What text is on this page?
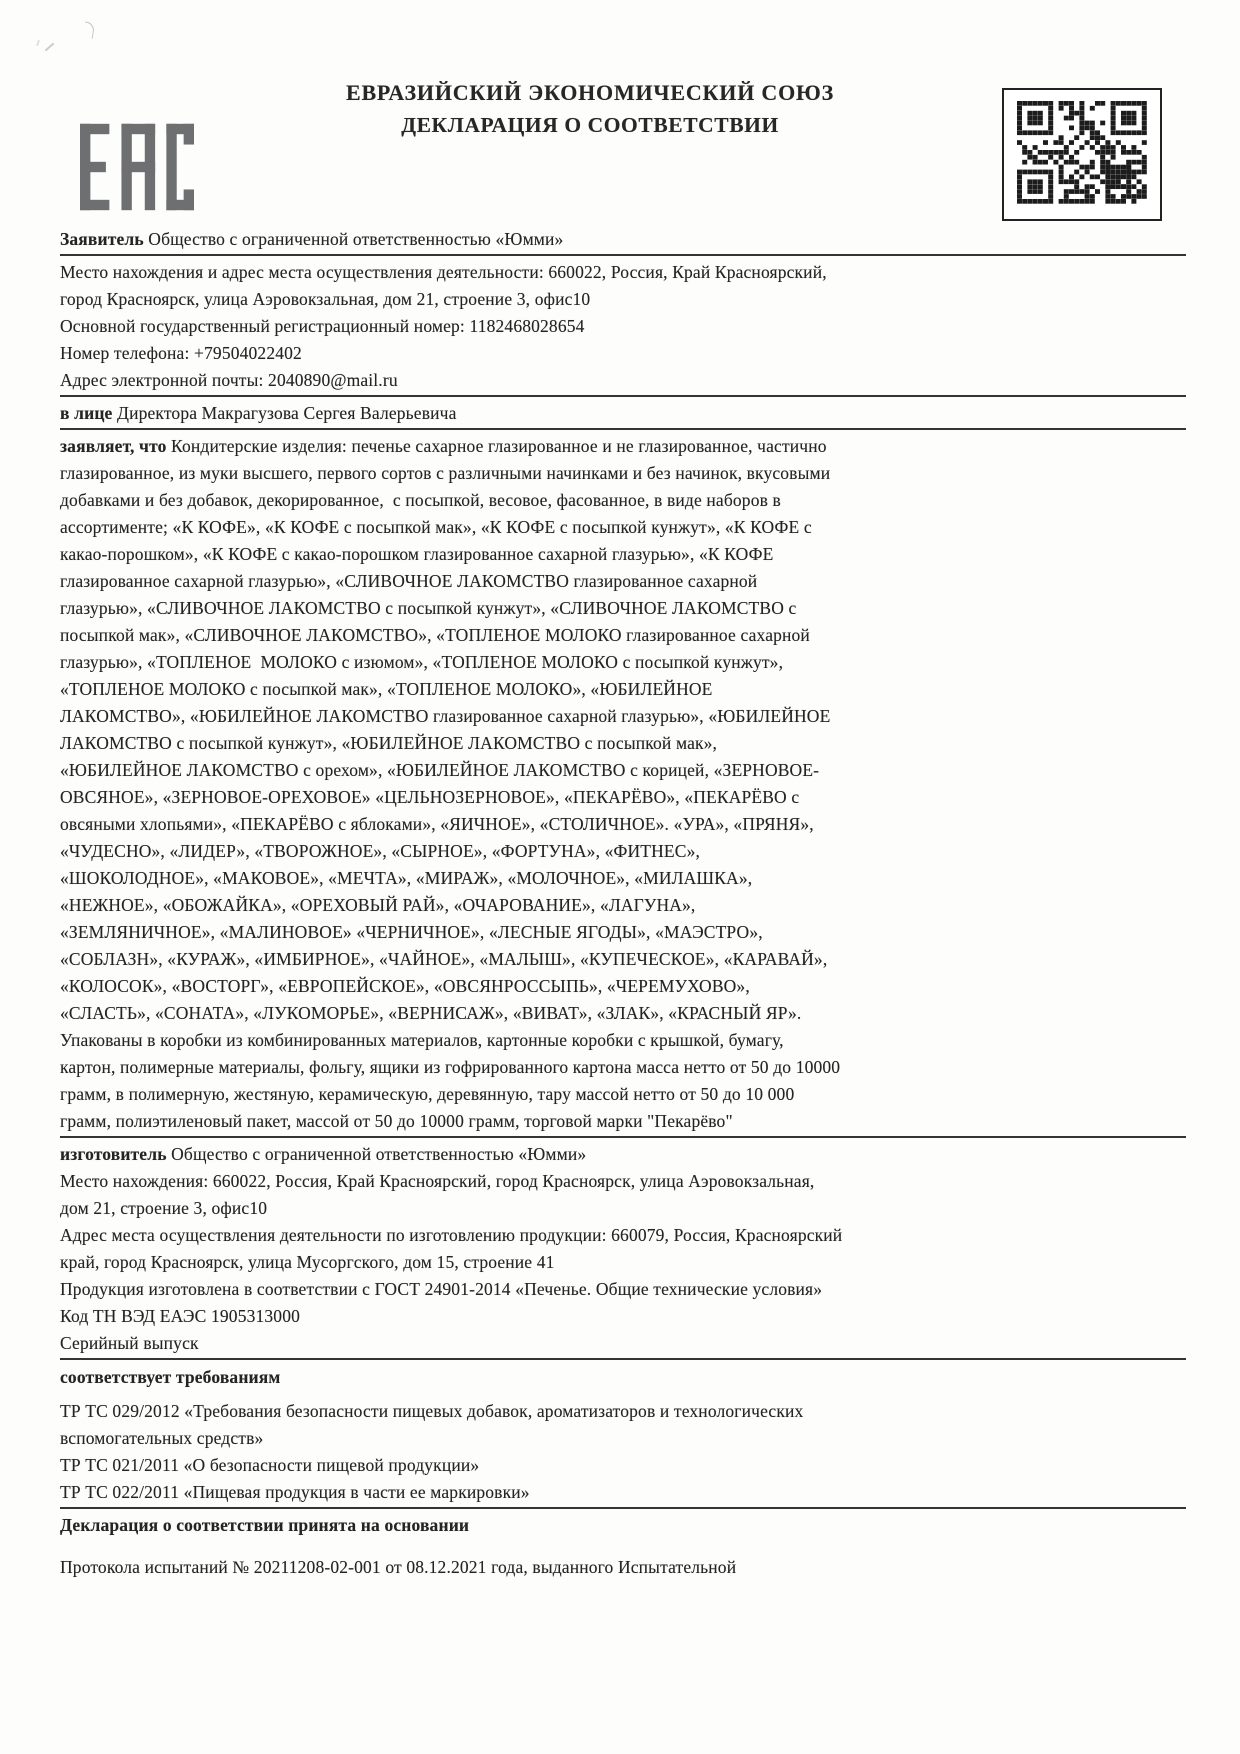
ЕВРАЗИЙСКИЙ ЭКОНОМИЧЕСКИЙ СОЮЗ
ДЕКЛАРАЦИЯ О СООТВЕТСТВИИ
Заявитель Общество с ограниченной ответственностью «Юмми»
Место нахождения и адрес места осуществления деятельности: 660022, Россия, Край Красноярский,
город Красноярск, улица Аэровокзальная, дом 21, строение 3, офис10
Основной государственный регистрационный номер: 1182468028654
Номер телефона: +79504022402
Адрес электронной почты: 2040890@mail.ru
в лице Директора Макрагузова Сергея Валерьевича
заявляет, что Кондитерские изделия: печенье сахарное глазированное и не глазированное, частично
глазированное, из муки высшего, первого сортов с различными начинками и без начинок, вкусовыми
добавками и без добавок, декорированное,  с посыпкой, весовое, фасованное, в виде наборов в
ассортименте; «К КОФЕ», «К КОФЕ с посыпкой мак», «К КОФЕ с посыпкой кунжут», «К КОФЕ с
какао-порошком», «К КОФЕ с какао-порошком глазированное сахарной глазурью», «К КОФЕ
глазированное сахарной глазурью», «СЛИВОЧНОЕ ЛАКОМСТВО глазированное сахарной
глазурью», «СЛИВОЧНОЕ ЛАКОМСТВО с посыпкой кунжут», «СЛИВОЧНОЕ ЛАКОМСТВО с
посыпкой мак», «СЛИВОЧНОЕ ЛАКОМСТВО», «ТОПЛЕНОЕ МОЛОКО глазированное сахарной
глазурью», «ТОПЛЕНОЕ  МОЛОКО с изюмом», «ТОПЛЕНОЕ МОЛОКО с посыпкой кунжут»,
«ТОПЛЕНОЕ МОЛОКО с посыпкой мак», «ТОПЛЕНОЕ МОЛОКО», «ЮБИЛЕЙНОЕ
ЛАКОМСТВО», «ЮБИЛЕЙНОЕ ЛАКОМСТВО глазированное сахарной глазурью», «ЮБИЛЕЙНОЕ
ЛАКОМСТВО с посыпкой кунжут», «ЮБИЛЕЙНОЕ ЛАКОМСТВО с посыпкой мак»,
«ЮБИЛЕЙНОЕ ЛАКОМСТВО с орехом», «ЮБИЛЕЙНОЕ ЛАКОМСТВО с корицей, «ЗЕРНОВОЕ-
ОВСЯНОЕ», «ЗЕРНОВОЕ-ОРЕХОВОЕ» «ЦЕЛЬНОЗЕРНОВОЕ», «ПЕКАРЁВО», «ПЕКАРЁВО с
овсяными хлопьями», «ПЕКАРЁВО с яблоками», «ЯИЧНОЕ», «СТОЛИЧНОЕ». «УРА», «ПРЯНЯ»,
«ЧУДЕСНО», «ЛИДЕР», «ТВОРОЖНОЕ», «СЫРНОЕ», «ФОРТУНА», «ФИТНЕС»,
«ШОКОЛОДНОЕ», «МАКОВОЕ», «МЕЧТА», «МИРАЖ», «МОЛОЧНОЕ», «МИЛАШКА»,
«НЕЖНОЕ», «ОБОЖАЙКА», «ОРЕХОВЫЙ РАЙ», «ОЧАРОВАНИЕ», «ЛАГУНА»,
«ЗЕМЛЯНИЧНОЕ», «МАЛИНОВОЕ» «ЧЕРНИЧНОЕ», «ЛЕСНЫЕ ЯГОДЫ», «МАЭСТРО»,
«СОБЛАЗН», «КУРАЖ», «ИМБИРНОЕ», «ЧАЙНОЕ», «МАЛЫШ», «КУПЕЧЕСКОЕ», «КАРАВАЙ»,
«КОЛОСОК», «ВОСТОРГ», «ЕВРОПЕЙСКОЕ», «ОВСЯНРОССЫПЬ», «ЧЕРЕМУХОВО»,
«СЛАСТЬ», «СОНАТА», «ЛУКОМОРЬЕ», «ВЕРНИСАЖ», «ВИВАТ», «ЗЛАК», «КРАСНЫЙ ЯР».
Упакованы в коробки из комбинированных материалов, картонные коробки с крышкой, бумагу,
картон, полимерные материалы, фольгу, ящики из гофрированного картона масса нетто от 50 до 10000
грамм, в полимерную, жестяную, керамическую, деревянную, тару массой нетто от 50 до 10 000
грамм, полиэтиленовый пакет, массой от 50 до 10000 грамм, торговой марки "Пекарёво"
изготовитель Общество с ограниченной ответственностью «Юмми»
Место нахождения: 660022, Россия, Край Красноярский, город Красноярск, улица Аэровокзальная,
дом 21, строение 3, офис10
Адрес места осуществления деятельности по изготовлению продукции: 660079, Россия, Красноярский
край, город Красноярск, улица Мусоргского, дом 15, строение 41
Продукция изготовлена в соответствии с ГОСТ 24901-2014 «Печенье. Общие технические условия»
Код ТН ВЭД ЕАЭС 1905313000
Серийный выпуск
соответствует требованиям
ТР ТС 029/2012 «Требования безопасности пищевых добавок, ароматизаторов и технологических
вспомогательных средств»
ТР ТС 021/2011 «О безопасности пищевой продукции»
ТР ТС 022/2011 «Пищевая продукция в части ее маркировки»
Декларация о соответствии принята на основании
Протокола испытаний № 20211208-02-001 от 08.12.2021 года, выданного Испытательной
